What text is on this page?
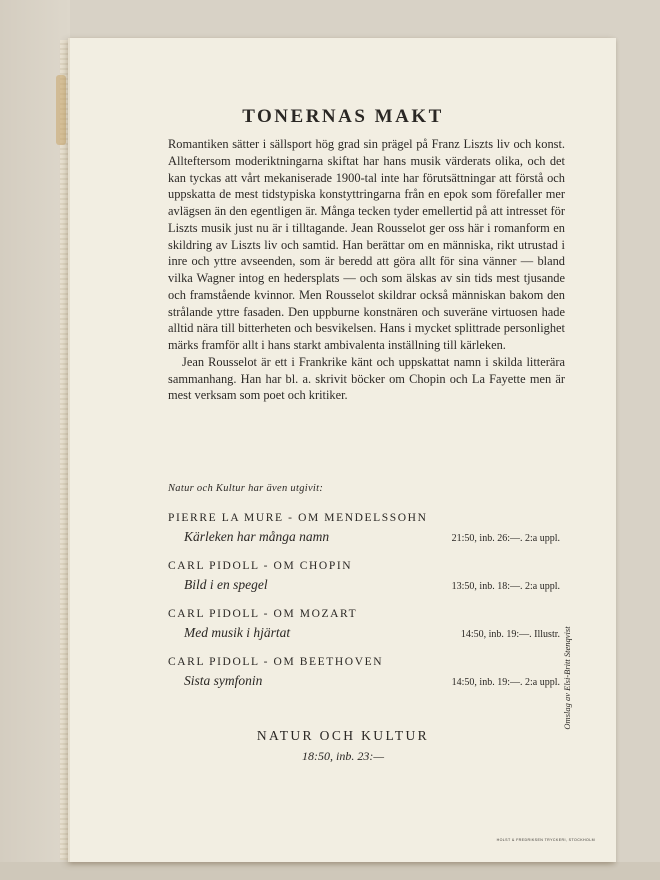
TONERNAS MAKT

Romantiken sätter i sällsport hög grad sin prägel på Franz Liszts liv och konst. Allteftersom moderiktningarna skiftat har hans musik värderats olika, och det kan tyckas att vårt mekaniserade 1900-tal inte har förutsättningar att förstå och uppskatta de mest tidstypiska konstyttringarna från en epok som förefaller mer avlägsen än den egentligen är. Många tecken tyder emellertid på att intresset för Liszts musik just nu är i tilltagande. Jean Rousselot ger oss här i romanform en skildring av Liszts liv och samtid. Han berättar om en människa, rikt utrustad i inre och yttre avseenden, som är beredd att göra allt för sina vänner — bland vilka Wagner intog en hedersplats — och som älskas av sin tids mest tjusande och framstående kvinnor. Men Rousselot skildrar också människan bakom den strålande yttre fasaden. Den uppburne konstnären och suveräne virtuosen hade alltid nära till bitterheten och besvikelsen. Hans i mycket splittrade personlighet märks framför allt i hans starkt ambivalenta inställning till kärleken.

Jean Rousselot är ett i Frankrike känt och uppskattat namn i skilda litterära sammanhang. Han har bl. a. skrivit böcker om Chopin och La Fayette men är mest verksam som poet och kritiker.

Natur och Kultur har även utgivit:
PIERRE LA MURE - OM MENDELSSOHN
Kärleken har många namn	21:50, inb. 26:—. 2:a uppl.
CARL PIDOLL - OM CHOPIN
Bild i en spegel	13:50, inb. 18:—. 2:a uppl.
CARL PIDOLL - OM MOZART
Med musik i hjärtat	14:50, inb. 19:—. Illustr.
CARL PIDOLL - OM BEETHOVEN
Sista symfonin	14:50, inb. 19:—. 2:a uppl.
NATUR OCH KULTUR
18:50, inb. 23:—
Omslag av Elsi-Britt Stenqvist
HOLST & FREDRIKSEN TRYCKERI, STOCKHOLM
